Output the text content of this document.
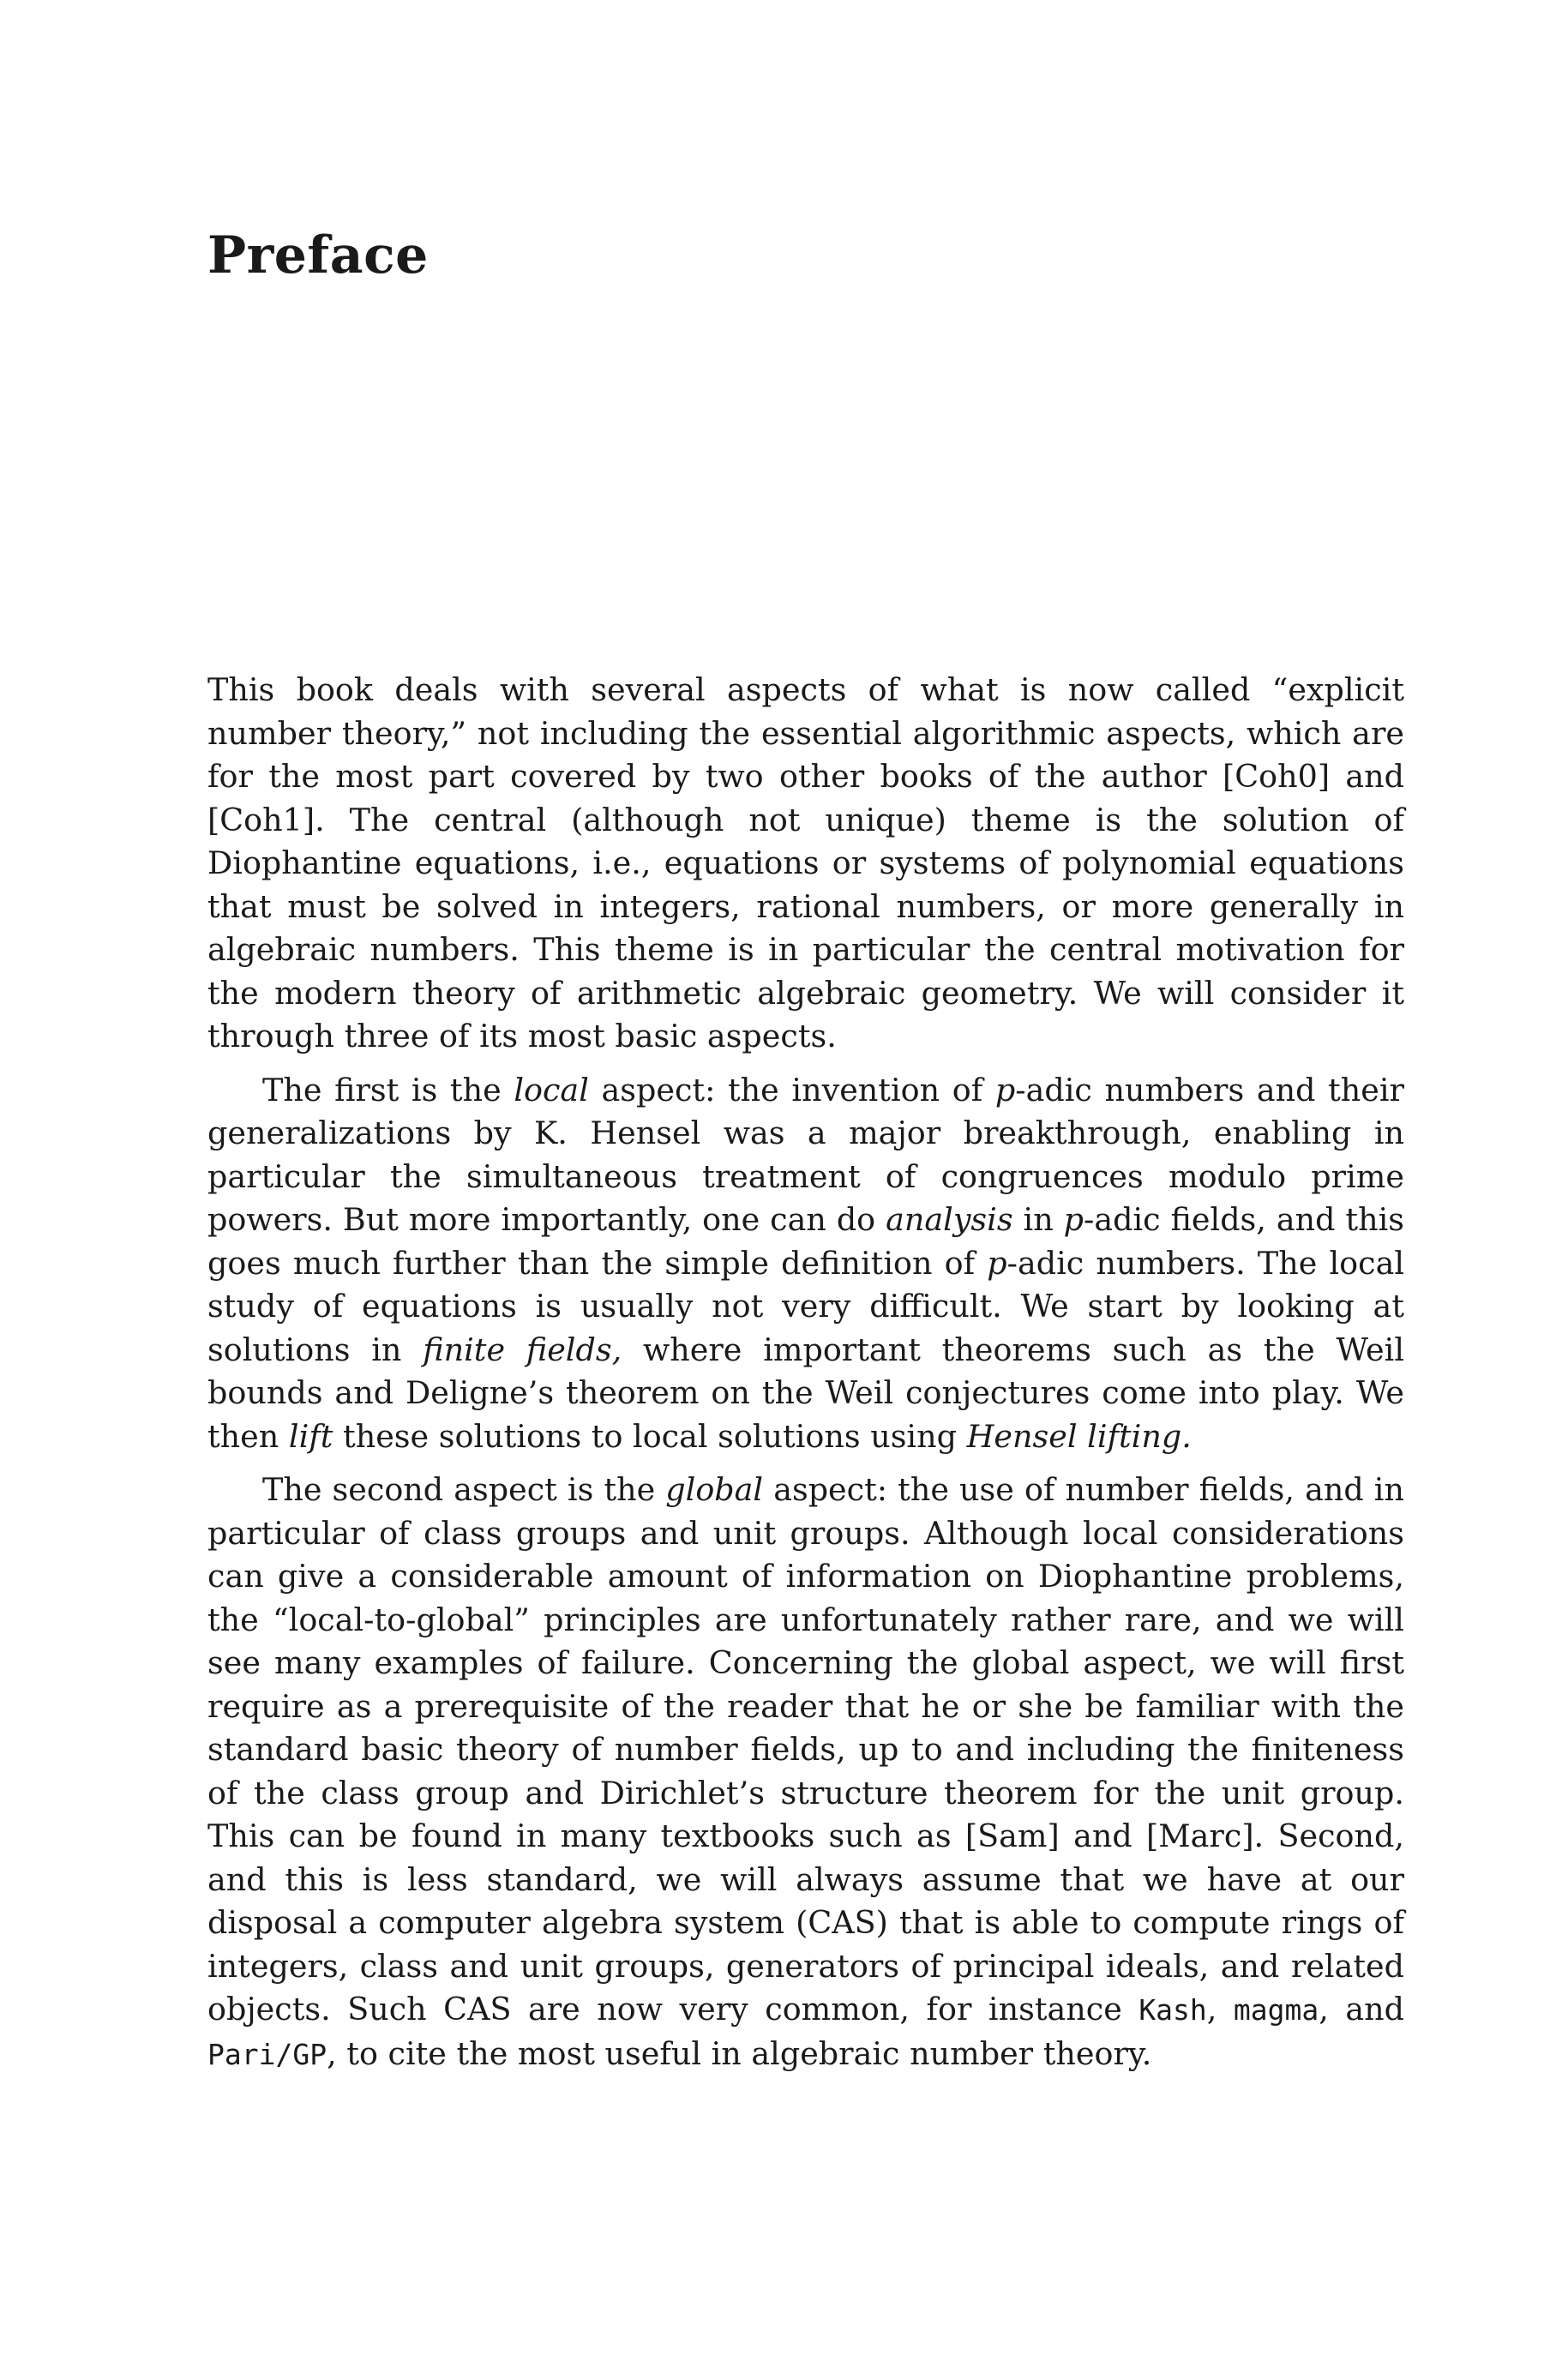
Preface

This book deals with several aspects of what is now called “explicit number theory,” not including the essential algorithmic aspects, which are for the most part covered by two other books of the author [Coh0] and [Coh1]. The central (although not unique) theme is the solution of Diophantine equations, i.e., equations or systems of polynomial equations that must be solved in integers, rational numbers, or more generally in algebraic numbers. This theme is in particular the central motivation for the modern theory of arithmetic algebraic geometry. We will consider it through three of its most basic aspects.

The first is the local aspect: the invention of p-adic numbers and their generalizations by K. Hensel was a major breakthrough, enabling in particular the simultaneous treatment of congruences modulo prime powers. But more importantly, one can do analysis in p-adic fields, and this goes much further than the simple definition of p-adic numbers. The local study of equations is usually not very difficult. We start by looking at solutions in finite fields, where important theorems such as the Weil bounds and Deligne’s theorem on the Weil conjectures come into play. We then lift these solutions to local solutions using Hensel lifting.

The second aspect is the global aspect: the use of number fields, and in particular of class groups and unit groups. Although local considerations can give a considerable amount of information on Diophantine problems, the “local-to-global” principles are unfortunately rather rare, and we will see many examples of failure. Concerning the global aspect, we will first require as a prerequisite of the reader that he or she be familiar with the standard basic theory of number fields, up to and including the finiteness of the class group and Dirichlet’s structure theorem for the unit group. This can be found in many textbooks such as [Sam] and [Marc]. Second, and this is less standard, we will always assume that we have at our disposal a computer algebra system (CAS) that is able to compute rings of integers, class and unit groups, generators of principal ideals, and related objects. Such CAS are now very common, for instance Kash, magma, and Pari/GP, to cite the most useful in algebraic number theory.
